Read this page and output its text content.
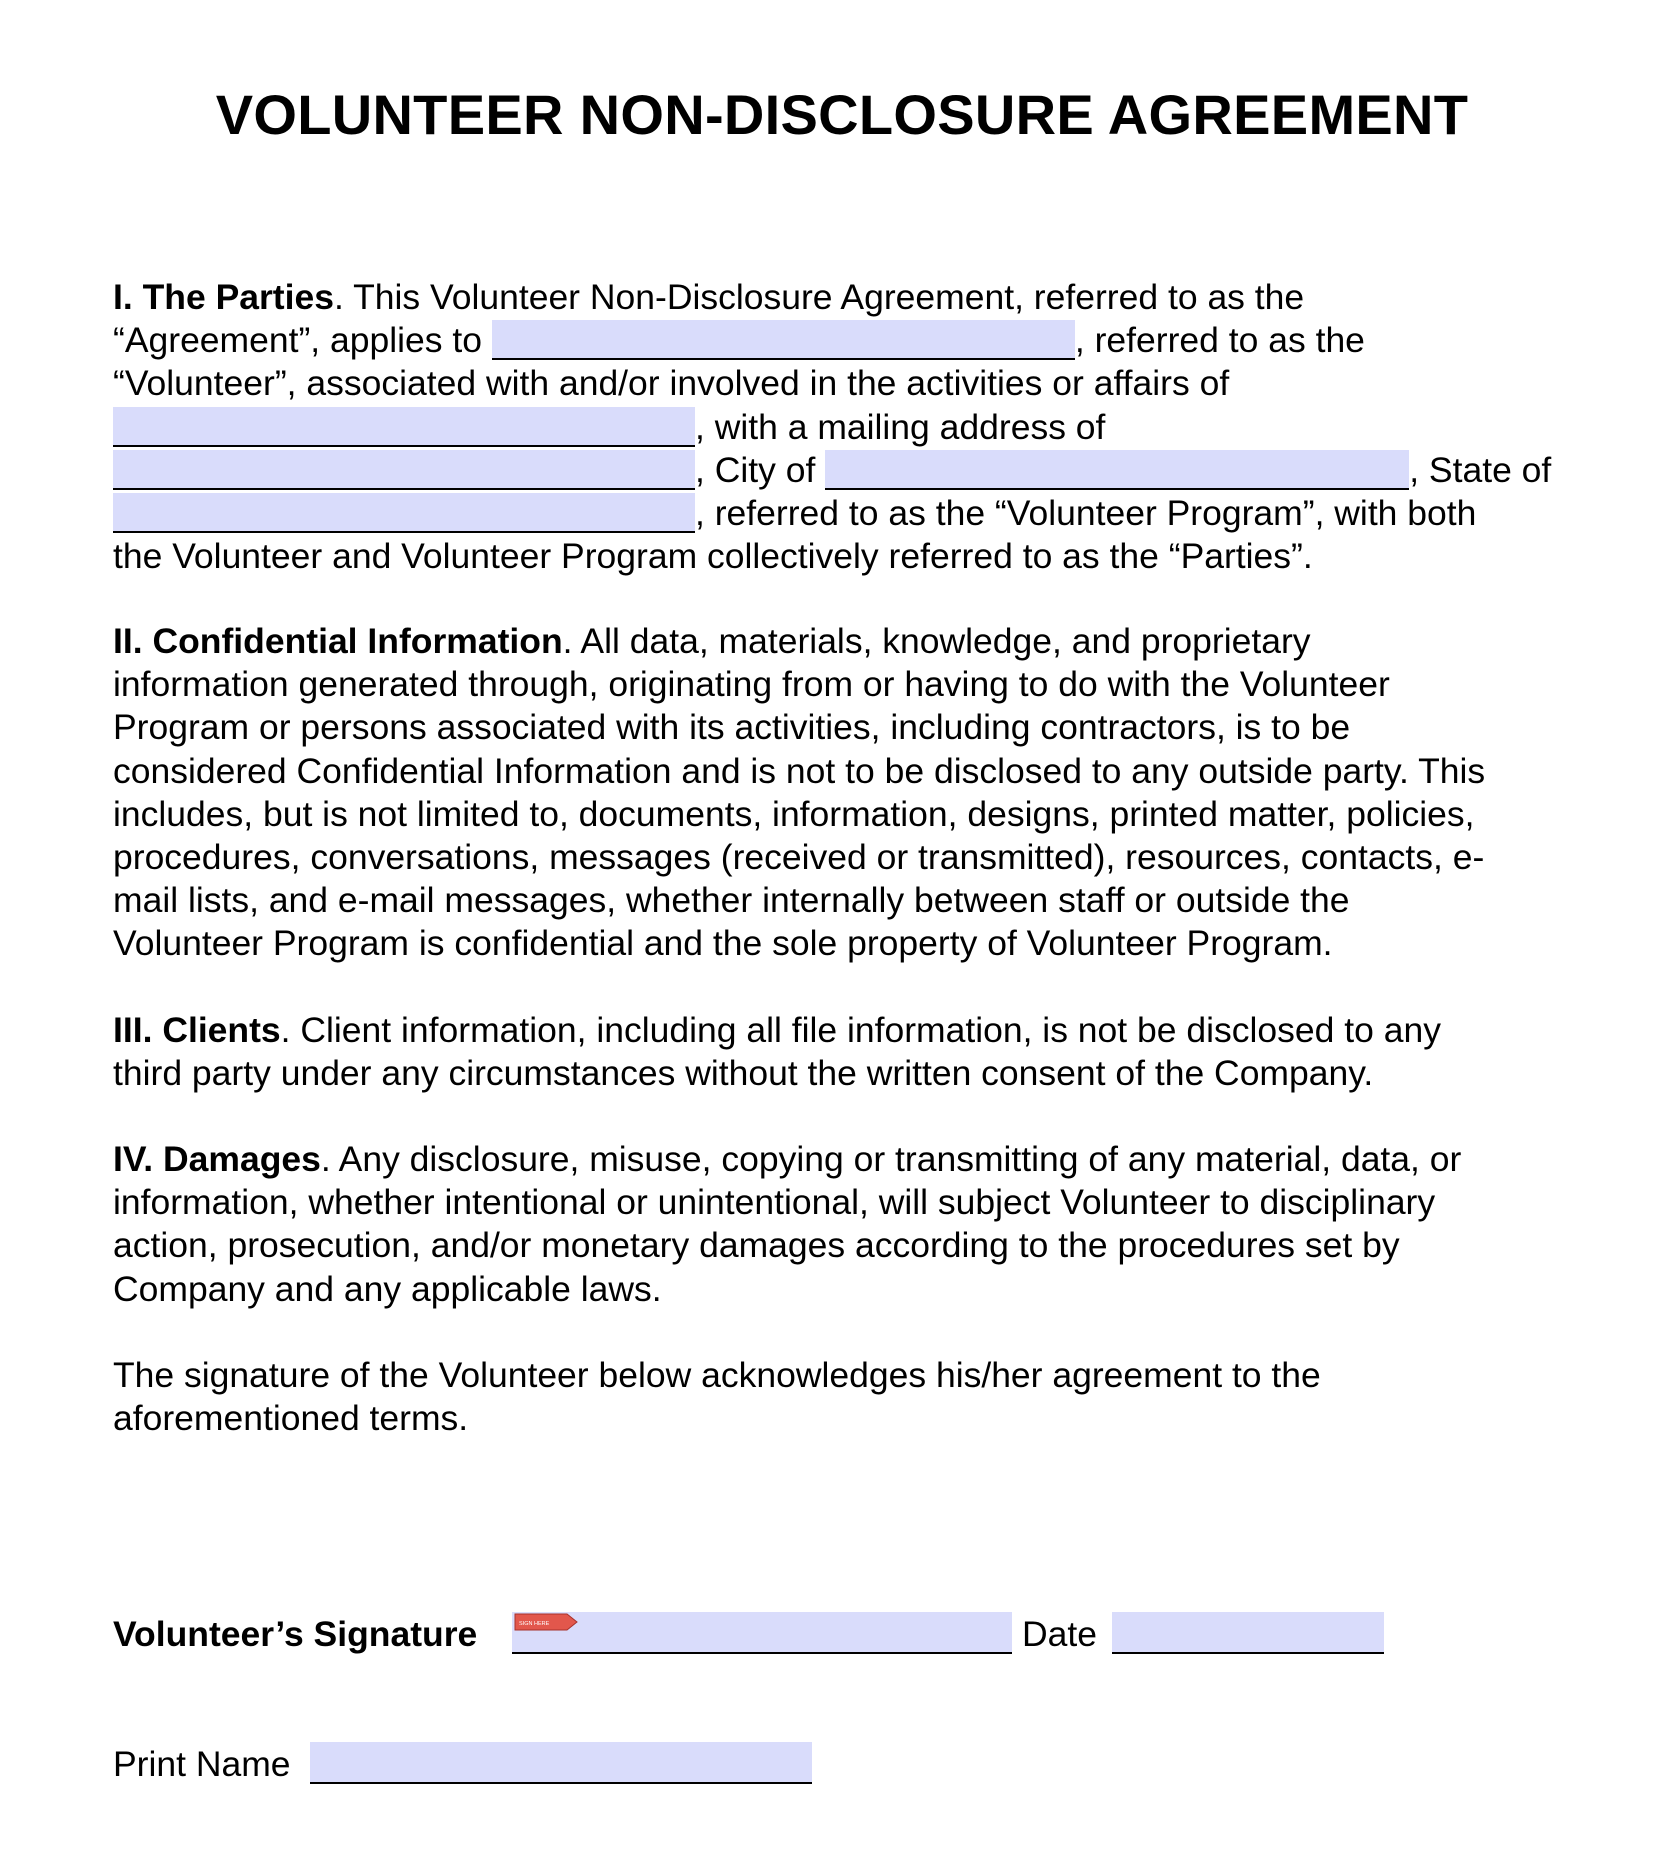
VOLUNTEER NON-DISCLOSURE AGREEMENT
I. The Parties. This Volunteer Non-Disclosure Agreement, referred to as the
“Agreement”, applies to	, referred to as the
“Volunteer”, associated with and/or involved in the activities or affairs of
, with a mailing address of
, City of	, State of
, referred to as the “Volunteer Program”, with both
the Volunteer and Volunteer Program collectively referred to as the “Parties”.
II. Confidential Information. All data, materials, knowledge, and proprietary
information generated through, originating from or having to do with the Volunteer
Program or persons associated with its activities, including contractors, is to be
considered Confidential Information and is not to be disclosed to any outside party. This
includes, but is not limited to, documents, information, designs, printed matter, policies,
procedures, conversations, messages (received or transmitted), resources, contacts, e-
mail lists, and e-mail messages, whether internally between staff or outside the
Volunteer Program is confidential and the sole property of Volunteer Program.
III. Clients. Client information, including all file information, is not be disclosed to any
third party under any circumstances without the written consent of the Company.
IV. Damages. Any disclosure, misuse, copying or transmitting of any material, data, or
information, whether intentional or unintentional, will subject Volunteer to disciplinary
action, prosecution, and/or monetary damages according to the procedures set by
Company and any applicable laws.
The signature of the Volunteer below acknowledges his/her agreement to the
aforementioned terms.
Volunteer’s Signature	SIGN HERE	Date
Print Name
